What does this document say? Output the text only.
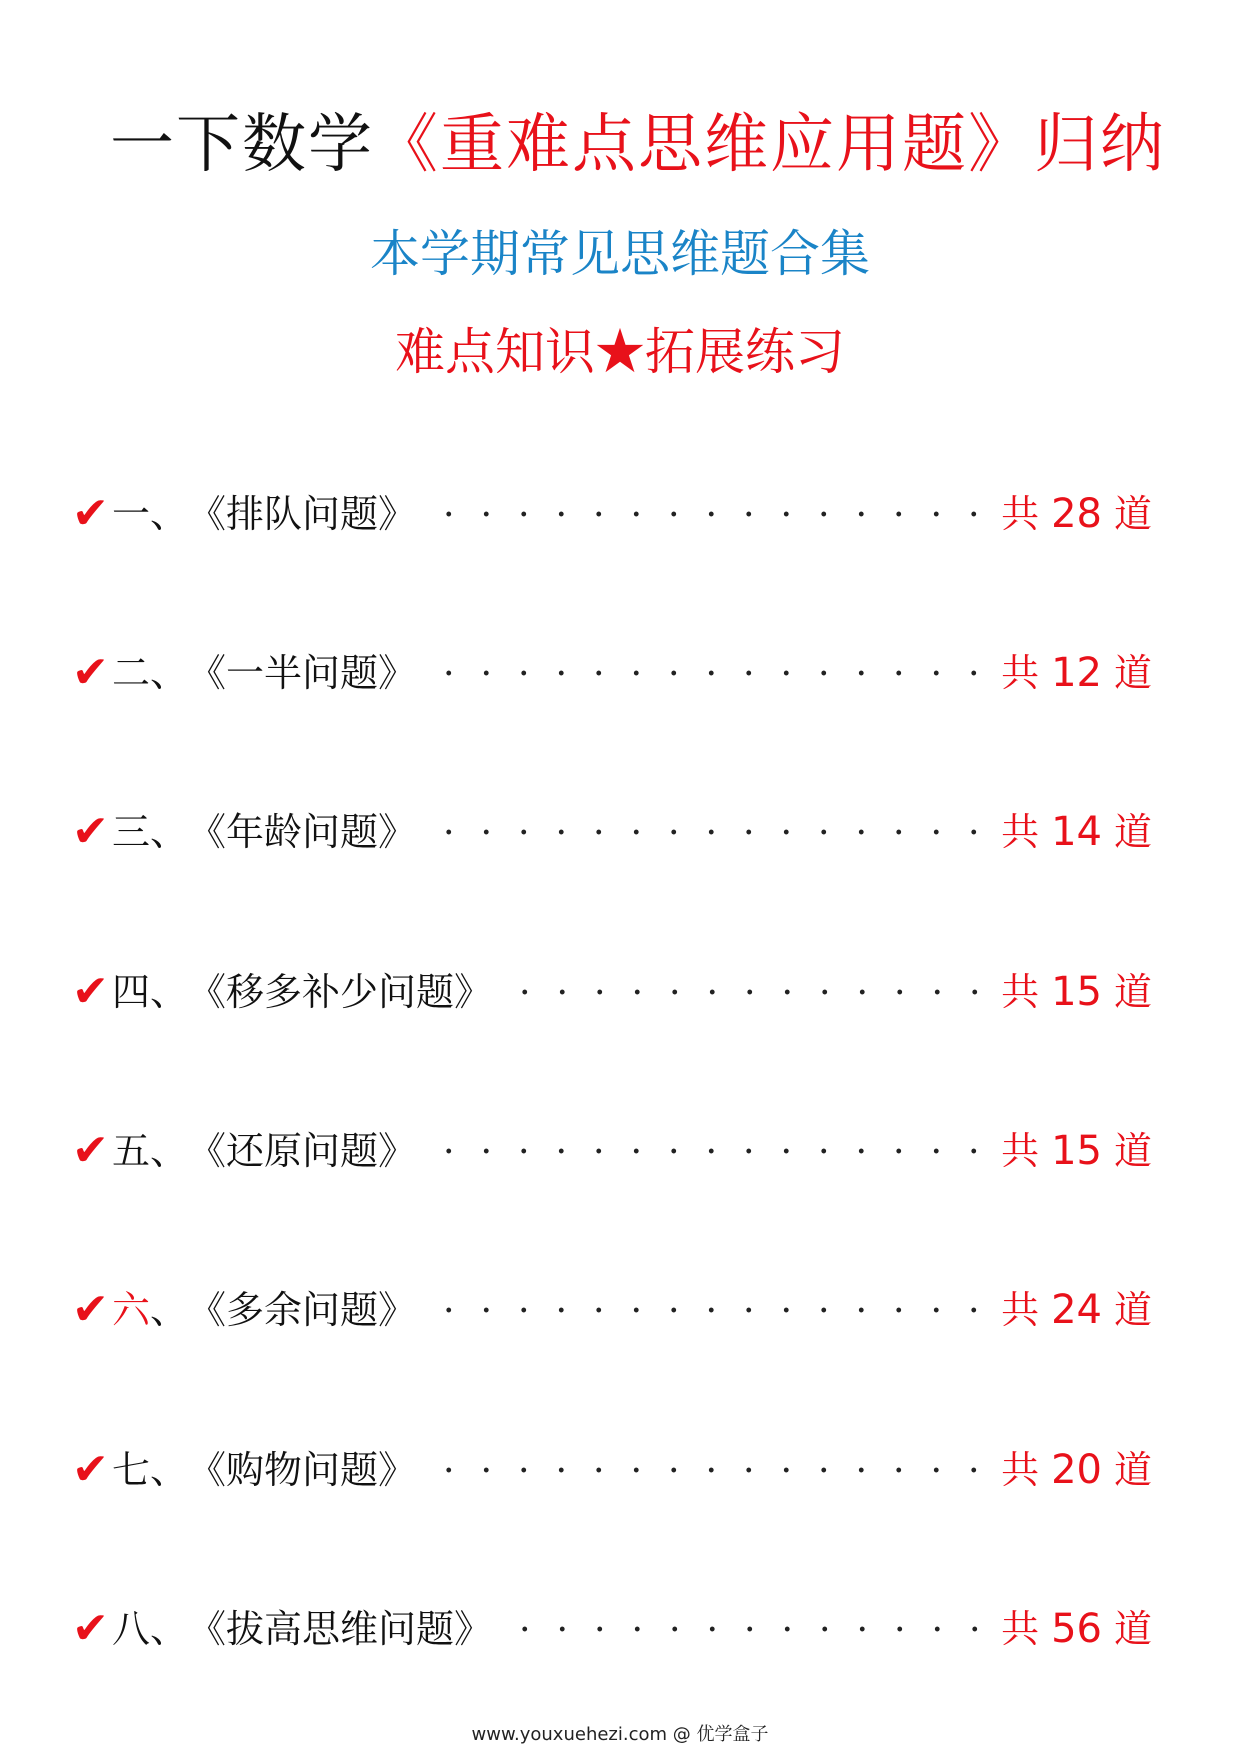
一下数学《重难点思维应用题》归纳
本学期常见思维题合集
难点知识★拓展练习
✔ 一 、 《排队问题》	共 28 道
✔ 二 、 《一半问题》	共 12 道
✔ 三 、 《年龄问题》	共 14 道
✔ 四 、 《移多补少问题》	共 15 道
✔ 五 、 《还原问题》	共 15 道
✔ 六 、 《多余问题》	共 24 道
✔ 七 、 《购物问题》	共 20 道
✔ 八 、 《拔高思维问题》	共 56 道
www.youxuehezi.com @ 优学盒子
